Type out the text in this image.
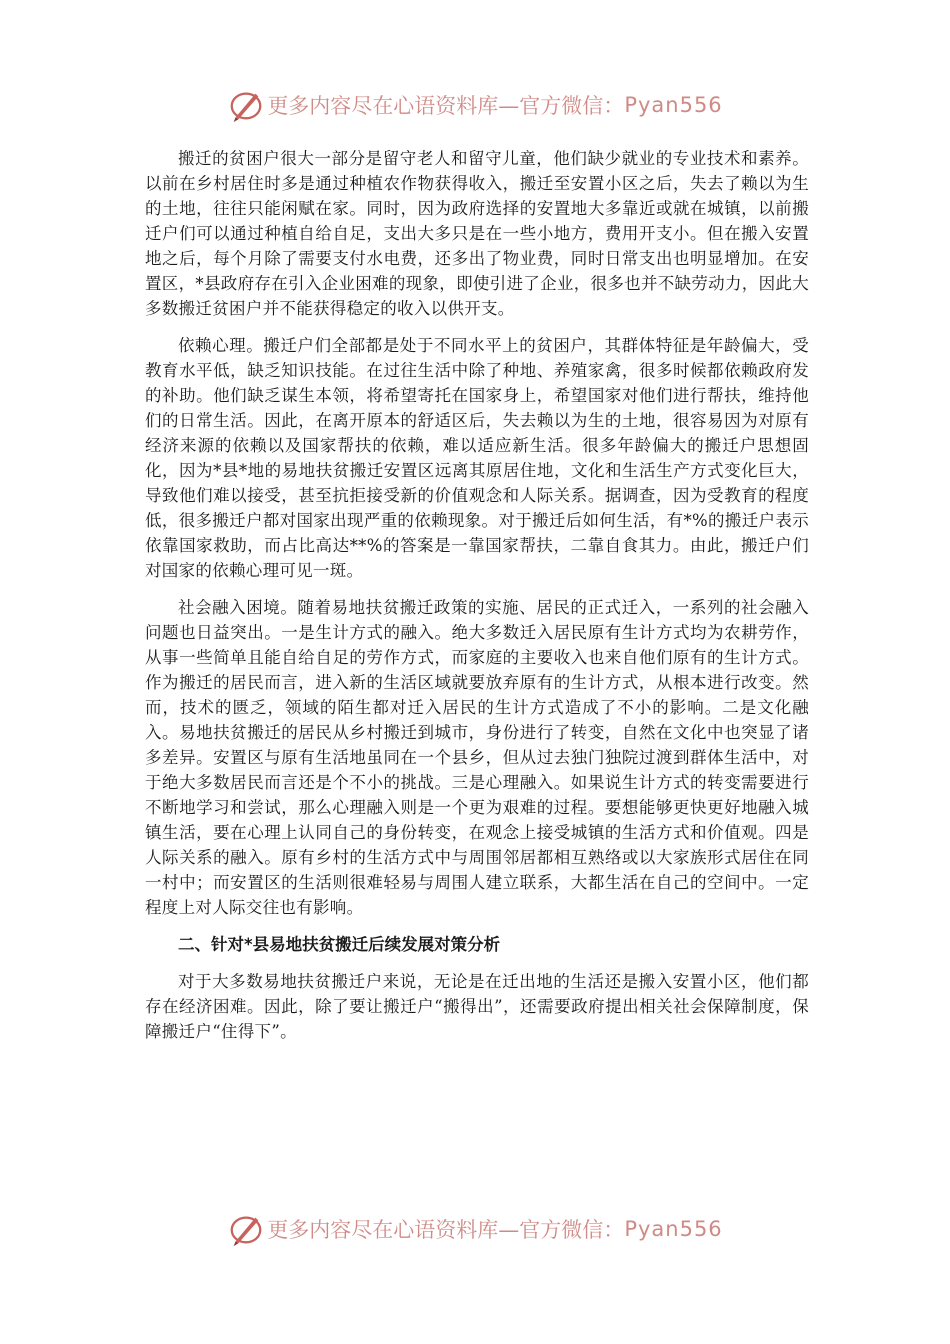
更多内容尽在心语资料库—官方微信： Pyan556

搬迁的贫困户很大一部分是留守老人和留守儿童，他们缺少就业的专业技术和素养。以前在乡村居住时多是通过种植农作物获得收入，搬迁至安置小区之后，失去了赖以为生的土地，往往只能闲赋在家。同时，因为政府选择的安置地大多靠近或就在城镇，以前搬迁户们可以通过种植自给自足，支出大多只是在一些小地方，费用开支小。但在搬入安置地之后，每个月除了需要支付水电费，还多出了物业费，同时日常支出也明显增加。在安置区，*县政府存在引入企业困难的现象，即使引进了企业，很多也并不缺劳动力，因此大多数搬迁贫困户并不能获得稳定的收入以供开支。

依赖心理。搬迁户们全部都是处于不同水平上的贫困户，其群体特征是年龄偏大，受教育水平低，缺乏知识技能。在过往生活中除了种地、养殖家禽，很多时候都依赖政府发的补助。他们缺乏谋生本领，将希望寄托在国家身上，希望国家对他们进行帮扶，维持他们的日常生活。因此，在离开原本的舒适区后，失去赖以为生的土地，很容易因为对原有经济来源的依赖以及国家帮扶的依赖，难以适应新生活。很多年龄偏大的搬迁户思想固化，因为*县*地的易地扶贫搬迁安置区远离其原居住地，文化和生活生产方式变化巨大，导致他们难以接受，甚至抗拒接受新的价值观念和人际关系。据调查，因为受教育的程度低，很多搬迁户都对国家出现严重的依赖现象。对于搬迁后如何生活，有*%的搬迁户表示依靠国家救助，而占比高达**%的答案是一靠国家帮扶，二靠自食其力。由此，搬迁户们对国家的依赖心理可见一斑。

社会融入困境。随着易地扶贫搬迁政策的实施、居民的正式迁入，一系列的社会融入问题也日益突出。一是生计方式的融入。绝大多数迁入居民原有生计方式均为农耕劳作，从事一些简单且能自给自足的劳作方式，而家庭的主要收入也来自他们原有的生计方式。作为搬迁的居民而言，进入新的生活区域就要放弃原有的生计方式，从根本进行改变。然而，技术的匮乏，领域的陌生都对迁入居民的生计方式造成了不小的影响。二是文化融入。易地扶贫搬迁的居民从乡村搬迁到城市，身份进行了转变，自然在文化中也突显了诸多差异。安置区与原有生活地虽同在一个县乡，但从过去独门独院过渡到群体生活中，对于绝大多数居民而言还是个不小的挑战。三是心理融入。如果说生计方式的转变需要进行不断地学习和尝试，那么心理融入则是一个更为艰难的过程。要想能够更快更好地融入城镇生活，要在心理上认同自己的身份转变，在观念上接受城镇的生活方式和价值观。四是人际关系的融入。原有乡村的生活方式中与周围邻居都相互熟络或以大家族形式居住在同一村中；而安置区的生活则很难轻易与周围人建立联系，大都生活在自己的空间中。一定程度上对人际交往也有影响。

二、针对*县易地扶贫搬迁后续发展对策分析

对于大多数易地扶贫搬迁户来说，无论是在迁出地的生活还是搬入安置小区，他们都存在经济困难。因此，除了要让搬迁户“搬得出”，还需要政府提出相关社会保障制度，保障搬迁户“住得下”。

更多内容尽在心语资料库—官方微信： Pyan556
